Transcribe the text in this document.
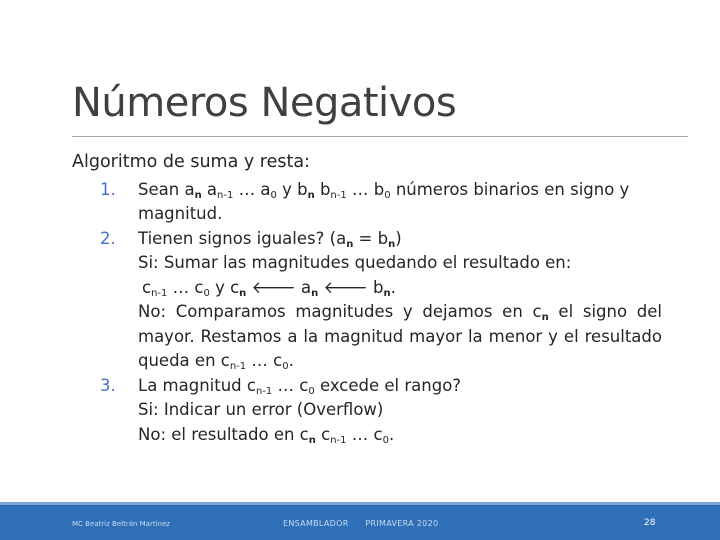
Números Negativos
Algoritmo de suma y resta:
1. Sean $a_n$ an-1 … a0 y $b_n$ bn-1 … b0 números binarios en signo y magnitud.
2. Tienen signos iguales? $(a_n = b_n)$
Si: Sumar las magnitudes quedando el resultado en:
cn-1 … c0 y $c_n$ 🡐 $a_n$ 🡐 $b_n$.
No: Comparamos magnitudes y dejamos en $c_n$ el signo del mayor. Restamos a la magnitud mayor la menor y el resultado queda en cn-1 … c0.
3. La magnitud cn-1 … c0 excede el rango?
Si: Indicar un error (Overflow)
No: el resultado en $c_n$ cn-1 … c0.
MC Beatriz Beltrán Martínez	ENSAMBLADOR PRIMAVERA 2020	28
